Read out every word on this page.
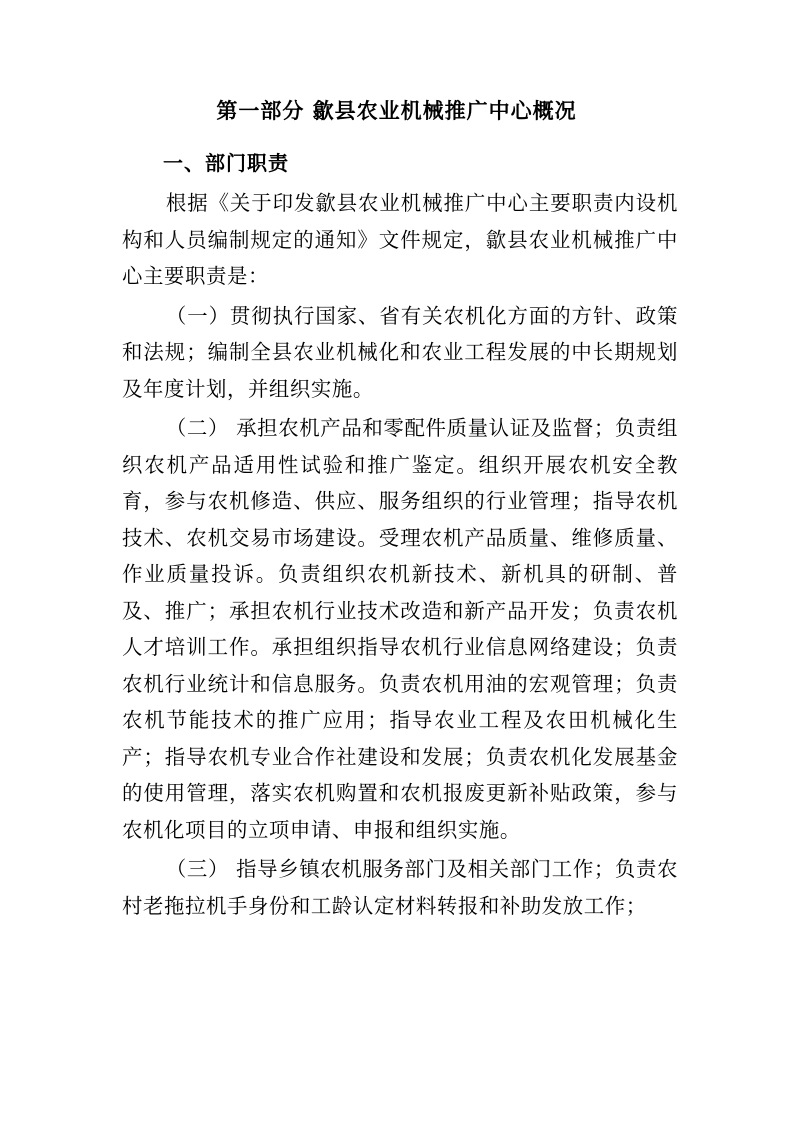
第一部分 歙县农业机械推广中心概况
一、部门职责

根据《关于印发歙县农业机械推广中心主要职责内设机构和人员编制规定的通知》文件规定，歙县农业机械推广中心主要职责是：

（一）贯彻执行国家、省有关农机化方面的方针、政策和法规；编制全县农业机械化和农业工程发展的中长期规划及年度计划，并组织实施。

（二） 承担农机产品和零配件质量认证及监督；负责组织农机产品适用性试验和推广鉴定。组织开展农机安全教育，参与农机修造、供应、服务组织的行业管理；指导农机技术、农机交易市场建设。受理农机产品质量、维修质量、作业质量投诉。负责组织农机新技术、新机具的研制、普及、推广；承担农机行业技术改造和新产品开发；负责农机人才培训工作。承担组织指导农机行业信息网络建设；负责农机行业统计和信息服务。负责农机用油的宏观管理；负责农机节能技术的推广应用；指导农业工程及农田机械化生产；指导农机专业合作社建设和发展；负责农机化发展基金的使用管理，落实农机购置和农机报废更新补贴政策，参与农机化项目的立项申请、申报和组织实施。

（三） 指导乡镇农机服务部门及相关部门工作；负责农村老拖拉机手身份和工龄认定材料转报和补助发放工作；
